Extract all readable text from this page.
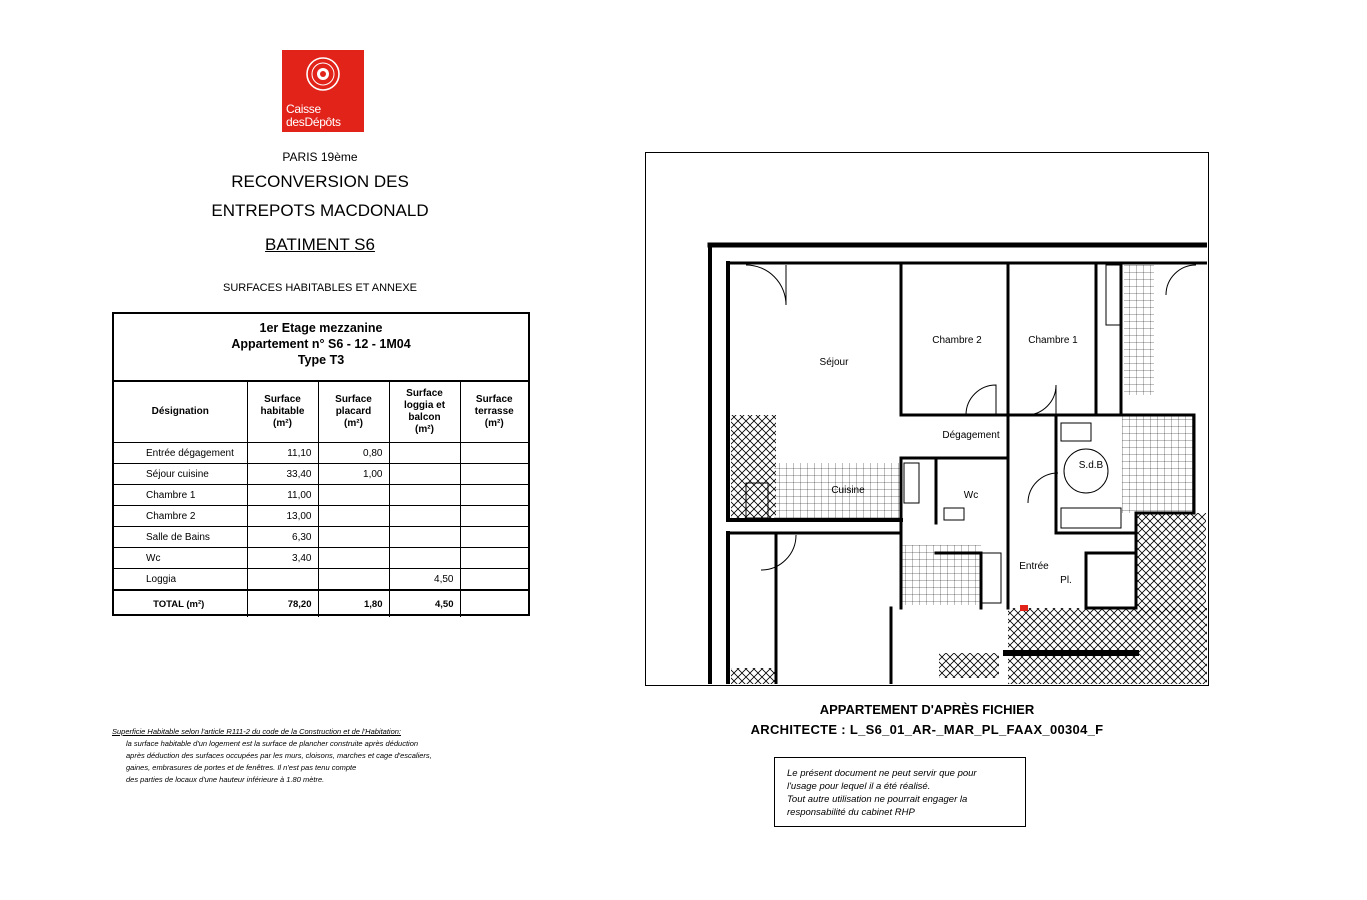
Caisse
desDépôts
PARIS 19ème
RECONVERSION DES
ENTREPOTS MACDONALD
BATIMENT S6
SURFACES HABITABLES ET ANNEXE
1er Etage mezzanine
Appartement n° S6 - 12 - 1M04
Type T3
Désignation	Surface
habitable
(m²)	Surface
placard
(m²)	Surface
loggia et
balcon
(m²)	Surface
terrasse
(m²)
Entrée dégagement	11,10	0,80		
Séjour cuisine	33,40	1,00		
Chambre 1	11,00			
Chambre 2	13,00			
Salle de Bains	6,30			
Wc	3,40			
Loggia			4,50	
TOTAL (m²)	78,20	1,80	4,50	
Superficie Habitable selon l'article R111-2 du code de la Construction et de l'Habitation:
la surface habitable d'un logement est la surface de plancher construite après déduction
après déduction des surfaces occupées par les murs, cloisons, marches et cage d'escaliers,
gaines, embrasures de portes et de fenêtres. Il n'est pas tenu compte
des parties de locaux d'une hauteur inférieure à 1.80 mètre.
Séjour
Chambre 2	Chambre 1
Dégagement
Cuisine	Wc
S.d.B
Entrée
Pl.
APPARTEMENT D'APRÈS FICHIER
ARCHITECTE : L_S6_01_AR-_MAR_PL_FAAX_00304_F
Le présent document ne peut servir que pour
l'usage pour lequel il a été réalisé.
Tout autre utilisation ne pourrait engager la
responsabilité du cabinet RHP
